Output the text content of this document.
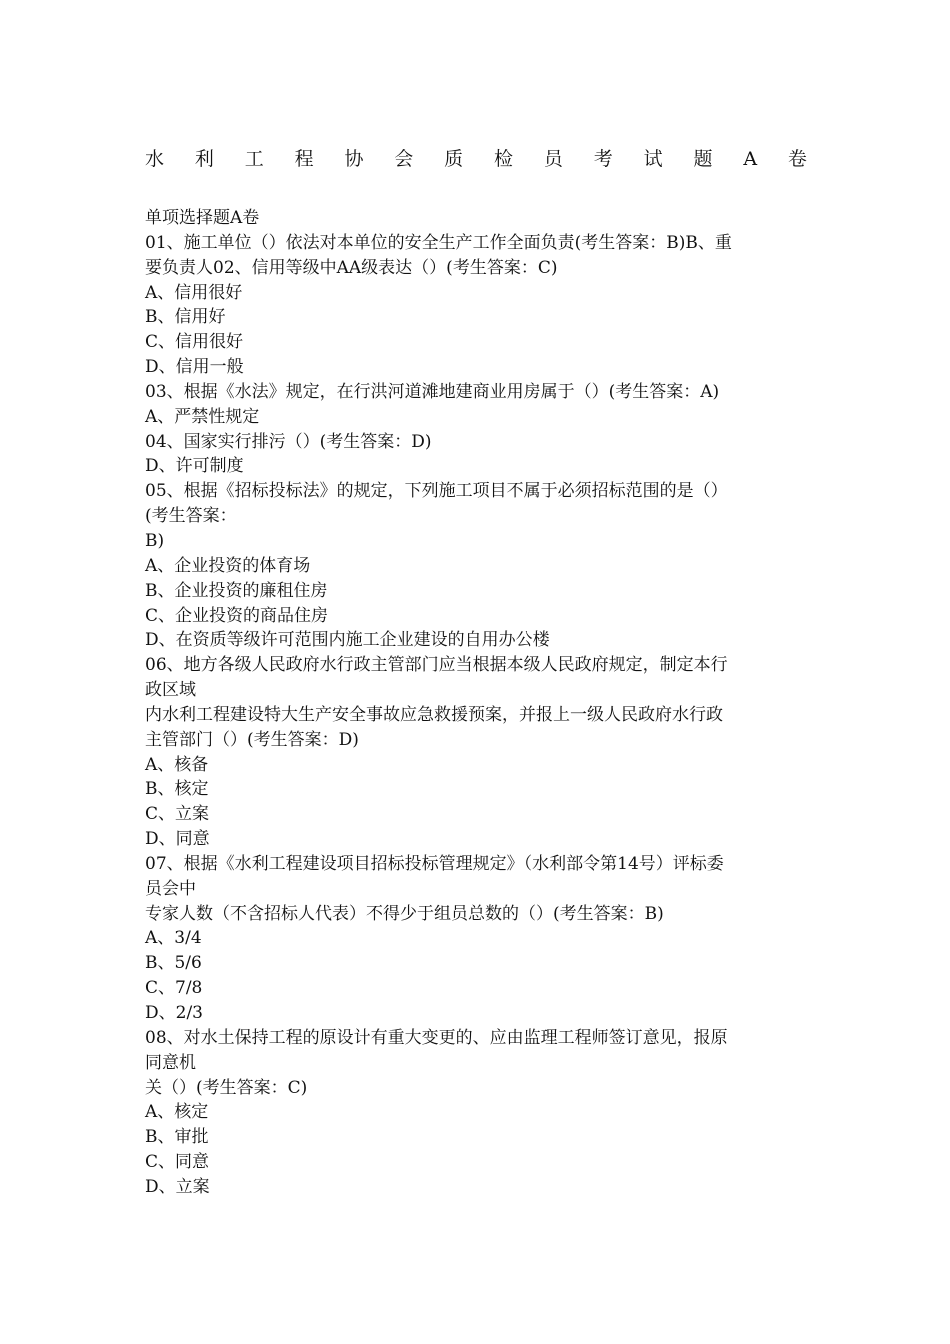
水 利 工 程 协 会 质 检 员 考 试 题 A 卷
单项选择题A卷
01、施工单位（）依法对本单位的安全生产工作全面负责(考生答案：B)B、重
要负责人02、信用等级中AA级表达（）(考生答案：C)
A、信用很好
B、信用好
C、信用很好
D、信用一般
03、根据《水法》规定，在行洪河道滩地建商业用房属于（）(考生答案：A)
A、严禁性规定
04、国家实行排污（）(考生答案：D)
D、许可制度
05、根据《招标投标法》的规定，下列施工项目不属于必须招标范围的是（）
(考生答案：
B)
A、企业投资的体育场
B、企业投资的廉租住房
C、企业投资的商品住房
D、在资质等级许可范围内施工企业建设的自用办公楼
06、地方各级人民政府水行政主管部门应当根据本级人民政府规定，制定本行
政区域
内水利工程建设特大生产安全事故应急救援预案，并报上一级人民政府水行政
主管部门（）(考生答案：D)
A、核备
B、核定
C、立案
D、同意
07、根据《水利工程建设项目招标投标管理规定》（水利部令第14号）评标委
员会中
专家人数（不含招标人代表）不得少于组员总数的（）(考生答案：B)
A、3/4
B、5/6
C、7/8
D、2/3
08、对水土保持工程的原设计有重大变更的、应由监理工程师签订意见，报原
同意机
关（）(考生答案：C)
A、核定
B、审批
C、同意
D、立案
